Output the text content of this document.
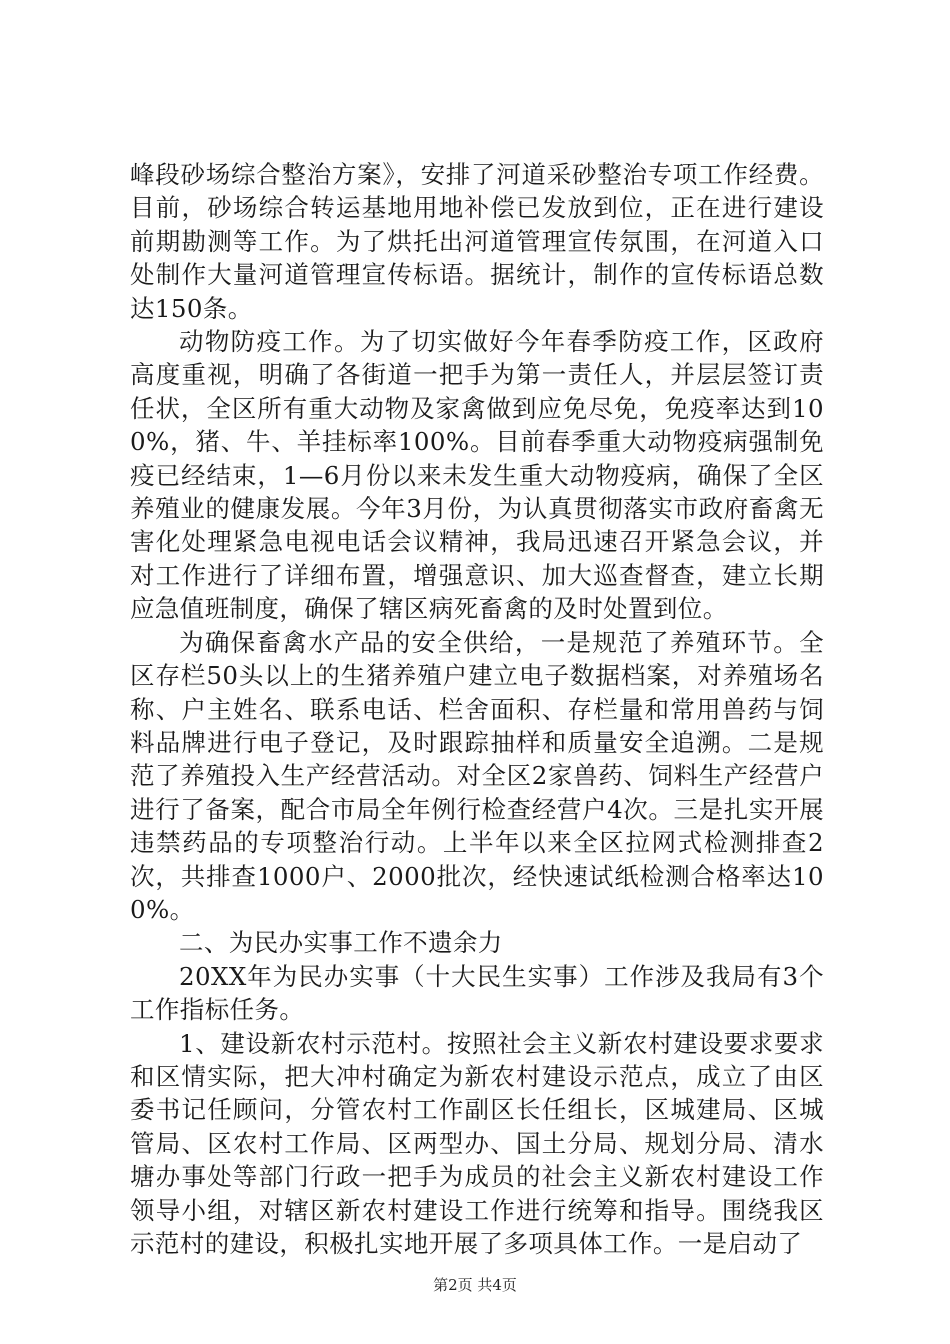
峰段砂场综合整治方案》，安排了河道采砂整治专项工作经费。目前，砂场综合转运基地用地补偿已发放到位，正在进行建设前期勘测等工作。为了烘托出河道管理宣传氛围，在河道入口处制作大量河道管理宣传标语。据统计，制作的宣传标语总数达150条。

动物防疫工作。为了切实做好今年春季防疫工作，区政府高度重视，明确了各街道一把手为第一责任人，并层层签订责任状，全区所有重大动物及家禽做到应免尽免，免疫率达到100%，猪、牛、羊挂标率100%。目前春季重大动物疫病强制免疫已经结束，1—6月份以来未发生重大动物疫病，确保了全区养殖业的健康发展。今年3月份，为认真贯彻落实市政府畜禽无害化处理紧急电视电话会议精神，我局迅速召开紧急会议，并对工作进行了详细布置，增强意识、加大巡查督查，建立长期应急值班制度，确保了辖区病死畜禽的及时处置到位。

为确保畜禽水产品的安全供给，一是规范了养殖环节。全区存栏50头以上的生猪养殖户建立电子数据档案，对养殖场名称、户主姓名、联系电话、栏舍面积、存栏量和常用兽药与饲料品牌进行电子登记，及时跟踪抽样和质量安全追溯。二是规范了养殖投入生产经营活动。对全区2家兽药、饲料生产经营户进行了备案，配合市局全年例行检查经营户4次。三是扎实开展违禁药品的专项整治行动。上半年以来全区拉网式检测排查2次，共排查1000户、2000批次，经快速试纸检测合格率达100%。

二、为民办实事工作不遗余力

20XX年为民办实事（十大民生实事）工作涉及我局有3个工作指标任务。

1、建设新农村示范村。按照社会主义新农村建设要求要求和区情实际，把大冲村确定为新农村建设示范点，成立了由区委书记任顾问，分管农村工作副区长任组长，区城建局、区城管局、区农村工作局、区两型办、国土分局、规划分局、清水塘办事处等部门行政一把手为成员的社会主义新农村建设工作领导小组，对辖区新农村建设工作进行统筹和指导。围绕我区示范村的建设，积极扎实地开展了多项具体工作。一是启动了

第2页 共4页
